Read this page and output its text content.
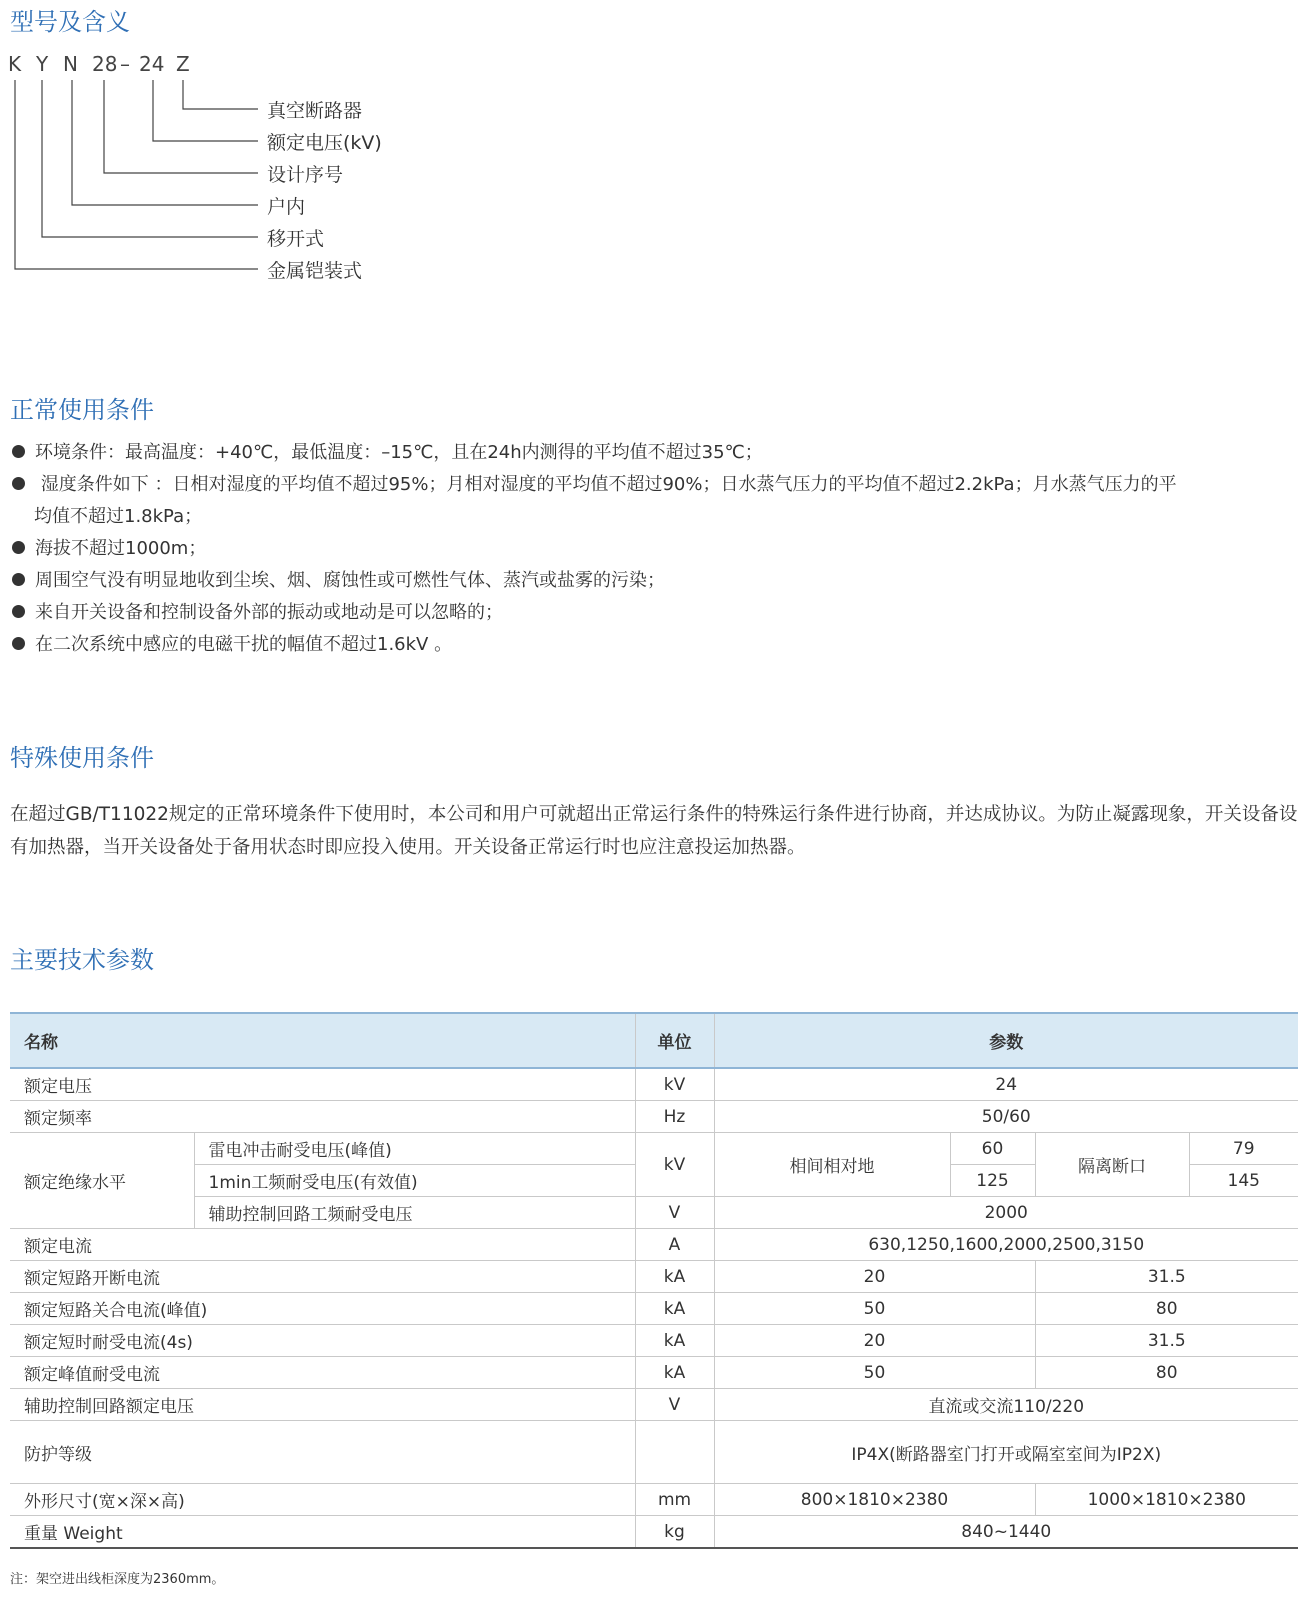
型号及含义
K Y N 28 – 24 Z
真空断路器
额定电压(kV)
设计序号
户内
移开式
金属铠装式
正常使用条件
环境条件：最高温度：+40℃，最低温度：–15℃，且在24h内测得的平均值不超过35℃；
湿度条件如下 ：日相对湿度的平均值不超过95%；月相对湿度的平均值不超过90%；日水蒸气压力的平均值不超过2.2kPa；月水蒸气压力的平
均值不超过1.8kPa；
海拔不超过1000m；
周围空气没有明显地收到尘埃、烟、腐蚀性或可燃性气体、蒸汽或盐雾的污染；
来自开关设备和控制设备外部的振动或地动是可以忽略的；
在二次系统中感应的电磁干扰的幅值不超过1.6kV 。
特殊使用条件

在超过GB/T11022规定的正常环境条件下使用时，本公司和用户可就超出正常运行条件的特殊运行条件进行协商，并达成协议。为防止凝露现象，开关设备设有加热器，当开关设备处于备用状态时即应投入使用。开关设备正常运行时也应注意投运加热器。

主要技术参数
名称		单位	参数			
额定电压		kV	24			
额定频率		Hz	50/60			
额定绝缘水平	雷电冲击耐受电压(峰值)	kV	相间相对地	60	隔离断口	79
	1min工频耐受电压(有效值)			125		145
	辅助控制回路工频耐受电压	V	2000			
额定电流		A	630,1250,1600,2000,2500,3150			
额定短路开断电流		kA	20		31.5	
额定短路关合电流(峰值)		kA	50		80	
额定短时耐受电流(4s)		kA	20		31.5	
额定峰值耐受电流		kA	50		80	
辅助控制回路额定电压		V	直流或交流110/220			
防护等级			IP4X(断路器室门打开或隔室室间为IP2X)			
外形尺寸(宽×深×高)		mm	800×1810×2380		1000×1810×2380	
重量 Weight		kg	840~1440			
注：架空进出线柜深度为2360mm。
